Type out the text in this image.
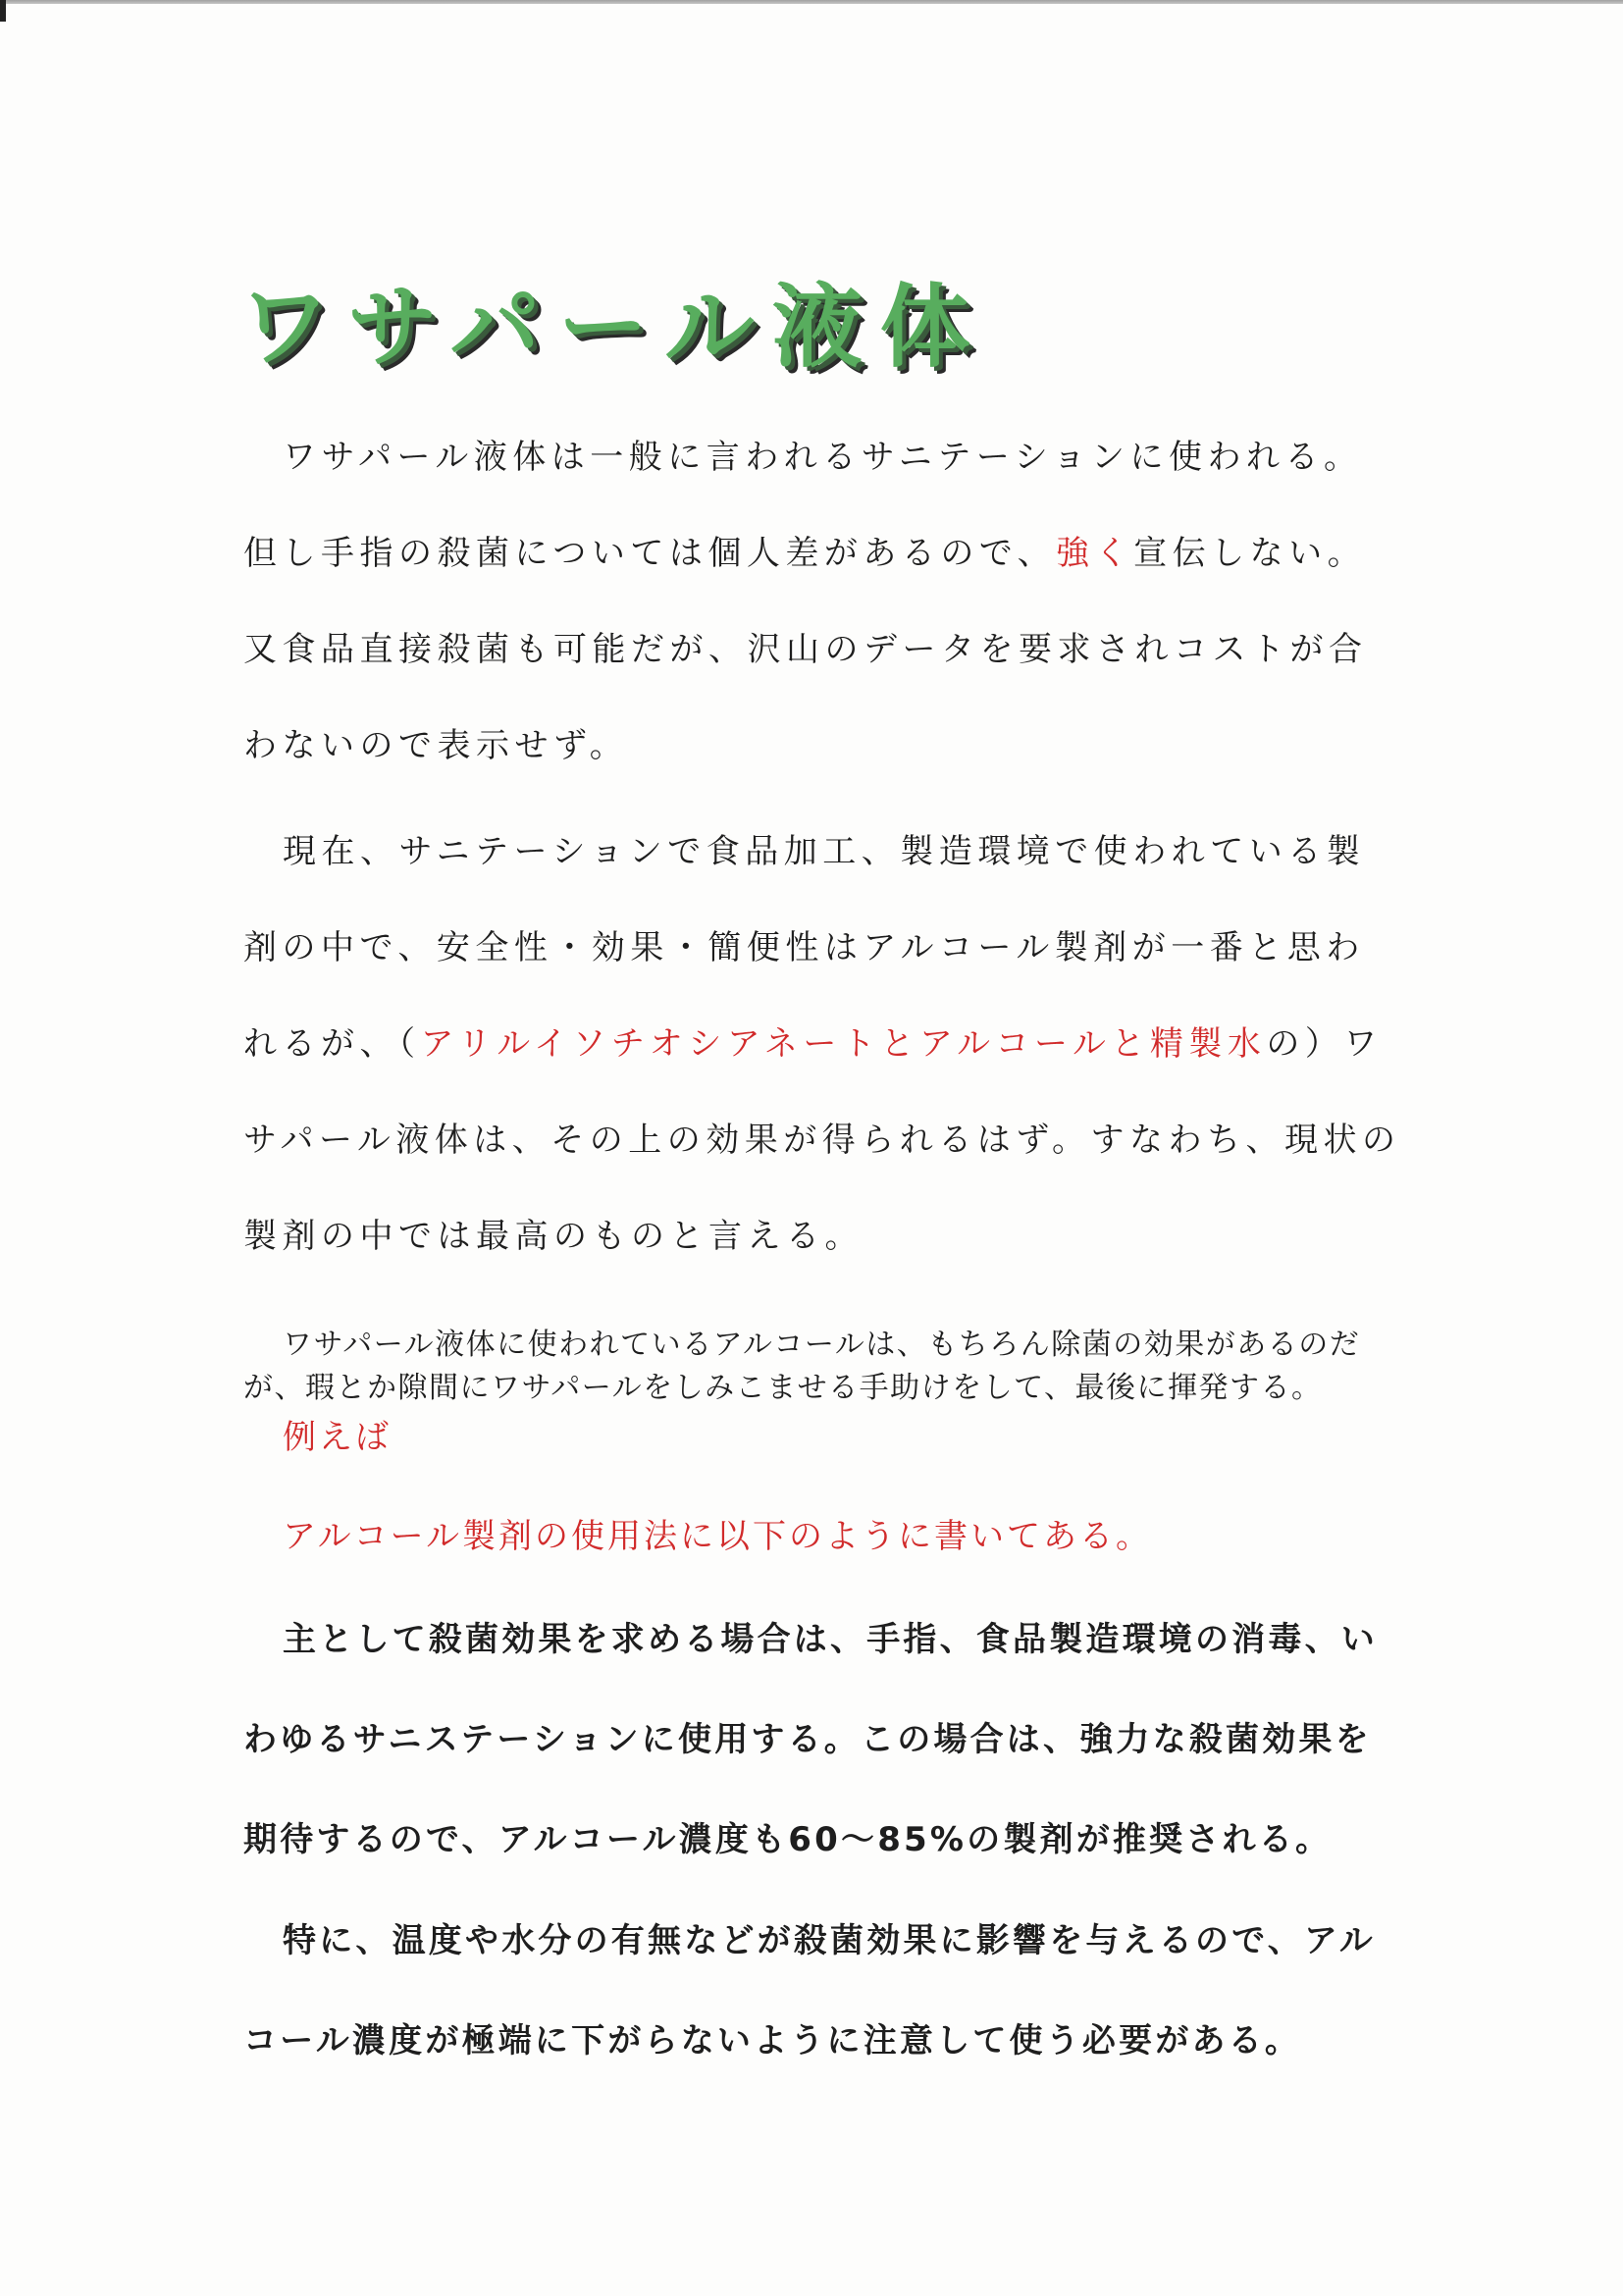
ワサパール液体

ワサパール液体は一般に言われるサニテーションに使われる。但し手指の殺菌については個人差があるので、強く宣伝しない。又食品直接殺菌も可能だが、沢山のデータを要求されコストが合わないので表示せず。

現在、サニテーションで食品加工、製造環境で使われている製剤の中で、安全性・効果・簡便性はアルコール製剤が一番と思われるが、（アリルイソチオシアネートとアルコールと精製水の）ワサパール液体は、その上の効果が得られるはず。すなわち、現状の製剤の中では最高のものと言える。

ワサパール液体に使われているアルコールは、もちろん除菌の効果があるのだが、瑕とか隙間にワサパールをしみこませる手助けをして、最後に揮発する。

例えば

アルコール製剤の使用法に以下のように書いてある。

主として殺菌効果を求める場合は、手指、食品製造環境の消毒、いわゆるサニステーションに使用する。この場合は、強力な殺菌効果を期待するので、アルコール濃度も60～85%の製剤が推奨される。

特に、温度や水分の有無などが殺菌効果に影響を与えるので、アルコール濃度が極端に下がらないように注意して使う必要がある。
